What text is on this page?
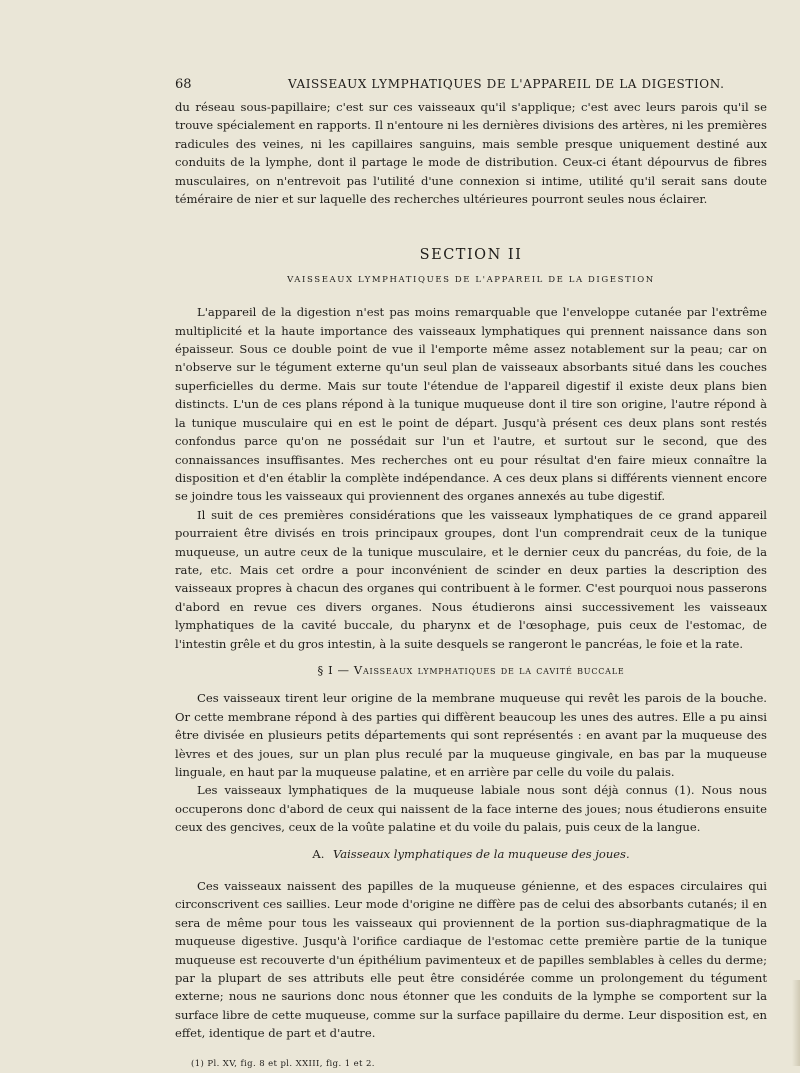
68	VAISSEAUX LYMPHATIQUES DE L'APPAREIL DE LA DIGESTION.

du réseau sous-papillaire; c'est sur ces vaisseaux qu'il s'applique; c'est avec leurs parois qu'il se trouve spécialement en rapports. Il n'entoure ni les dernières divisions des artères, ni les premières radicules des veines, ni les capillaires sanguins, mais semble presque uniquement destiné aux conduits de la lymphe, dont il partage le mode de distribution. Ceux-ci étant dépourvus de fibres musculaires, on n'entrevoit pas l'utilité d'une connexion si intime, utilité qu'il serait sans doute téméraire de nier et sur laquelle des recherches ultérieures pourront seules nous éclairer.

SECTION II
VAISSEAUX LYMPHATIQUES DE L'APPAREIL DE LA DIGESTION

L'appareil de la digestion n'est pas moins remarquable que l'enveloppe cutanée par l'extrême multiplicité et la haute importance des vaisseaux lymphatiques qui prennent naissance dans son épaisseur. Sous ce double point de vue il l'emporte même assez notablement sur la peau; car on n'observe sur le tégument externe qu'un seul plan de vaisseaux absorbants situé dans les couches superficielles du derme. Mais sur toute l'étendue de l'appareil digestif il existe deux plans bien distincts. L'un de ces plans répond à la tunique muqueuse dont il tire son origine, l'autre répond à la tunique musculaire qui en est le point de départ. Jusqu'à présent ces deux plans sont restés confondus parce qu'on ne possédait sur l'un et l'autre, et surtout sur le second, que des connaissances insuffisantes. Mes recherches ont eu pour résultat d'en faire mieux connaître la disposition et d'en établir la complète indépendance. A ces deux plans si différents viennent encore se joindre tous les vaisseaux qui proviennent des organes annexés au tube digestif.

Il suit de ces premières considérations que les vaisseaux lymphatiques de ce grand appareil pourraient être divisés en trois principaux groupes, dont l'un comprendrait ceux de la tunique muqueuse, un autre ceux de la tunique musculaire, et le dernier ceux du pancréas, du foie, de la rate, etc. Mais cet ordre a pour inconvénient de scinder en deux parties la description des vaisseaux propres à chacun des organes qui contribuent à le former. C'est pourquoi nous passerons d'abord en revue ces divers organes. Nous étudierons ainsi successivement les vaisseaux lymphatiques de la cavité buccale, du pharynx et de l'œsophage, puis ceux de l'estomac, de l'intestin grêle et du gros intestin, à la suite desquels se rangeront le pancréas, le foie et la rate.

§ I — Vaisseaux lymphatiques de la cavité buccale

Ces vaisseaux tirent leur origine de la membrane muqueuse qui revêt les parois de la bouche. Or cette membrane répond à des parties qui diffèrent beaucoup les unes des autres. Elle a pu ainsi être divisée en plusieurs petits départements qui sont représentés : en avant par la muqueuse des lèvres et des joues, sur un plan plus reculé par la muqueuse gingivale, en bas par la muqueuse linguale, en haut par la muqueuse palatine, et en arrière par celle du voile du palais.

Les vaisseaux lymphatiques de la muqueuse labiale nous sont déjà connus (1). Nous nous occuperons donc d'abord de ceux qui naissent de la face interne des joues; nous étudierons ensuite ceux des gencives, ceux de la voûte palatine et du voile du palais, puis ceux de la langue.

A. Vaisseaux lymphatiques de la muqueuse des joues.

Ces vaisseaux naissent des papilles de la muqueuse génienne, et des espaces circulaires qui circonscrivent ces saillies. Leur mode d'origine ne diffère pas de celui des absorbants cutanés; il en sera de même pour tous les vaisseaux qui proviennent de la portion sus-diaphragmatique de la muqueuse digestive. Jusqu'à l'orifice cardiaque de l'estomac cette première partie de la tunique muqueuse est recouverte d'un épithélium pavimenteux et de papilles semblables à celles du derme; par la plupart de ses attributs elle peut être considérée comme un prolongement du tégument externe; nous ne saurions donc nous étonner que les conduits de la lymphe se comportent sur la surface libre de cette muqueuse, comme sur la surface papillaire du derme. Leur disposition est, en effet, identique de part et d'autre.

(1) Pl. XV, fig. 8 et pl. XXIII, fig. 1 et 2.
